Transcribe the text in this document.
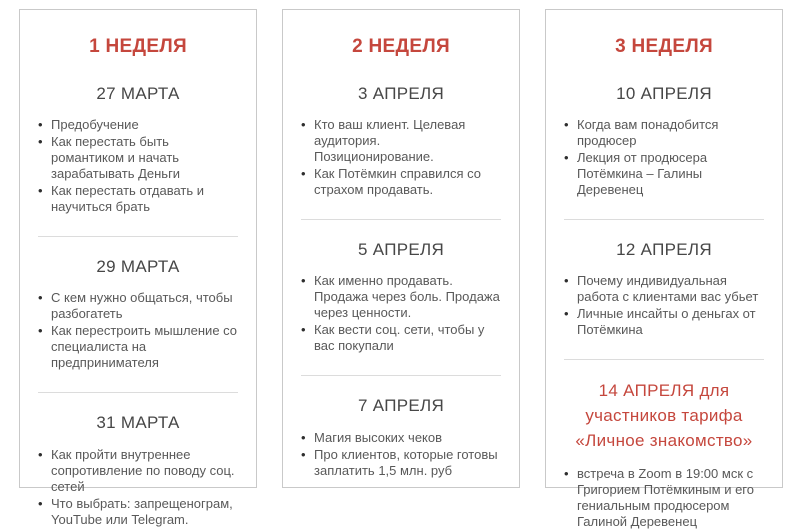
1 НЕДЕЛЯ
27 МАРТА
• Предобучение
• Как перестать быть романтиком и начать зарабатывать Деньги
• Как перестать отдавать и научиться брать
29 МАРТА
• С кем нужно общаться, чтобы разбогатеть
• Как перестроить мышление со специалиста на предпринимателя
31 МАРТА
• Как пройти внутреннее сопротивление по поводу соц. сетей
• Что выбрать: запрещенограм, YouTube или Telegram.
2 НЕДЕЛЯ
3 АПРЕЛЯ
• Кто ваш клиент. Целевая аудитория. Позиционирование.
• Как Потёмкин справился со страхом продавать.
5 АПРЕЛЯ
• Как именно продавать. Продажа через боль. Продажа через ценности.
• Как вести соц. сети, чтобы у вас покупали
7 АПРЕЛЯ
• Магия высоких чеков
• Про клиентов, которые готовы заплатить 1,5 млн. руб
3 НЕДЕЛЯ
10 АПРЕЛЯ
• Когда вам понадобится продюсер
• Лекция от продюсера Потёмкина – Галины Деревенец
12 АПРЕЛЯ
• Почему индивидуальная работа с клиентами вас убьет
• Личные инсайты о деньгах от Потёмкина
14 АПРЕЛЯ для участников тарифа «Личное знакомство»
• встреча в Zoom в 19:00 мск с Григорием Потёмкиным и его гениальным продюсером Галиной Деревенец
